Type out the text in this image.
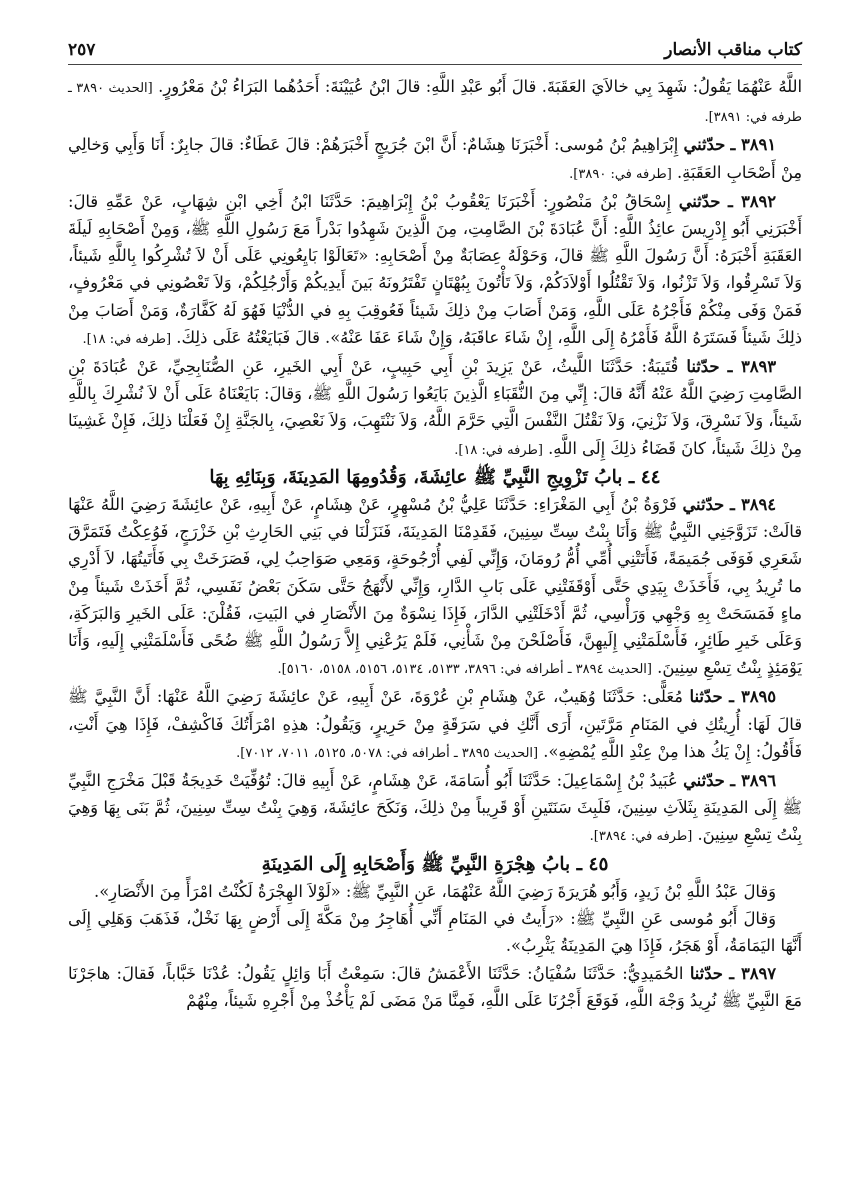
كتاب مناقب الأنصار
٢٥٧

اللَّهُ عَنْهُمَا يَقُولُ: شَهِدَ بِي خالاَيَ العَقَبَةَ. قالَ أَبُو عَبْدِ اللَّهِ: قالَ ابْنُ عُيَيْنَةَ: أَحَدُهُما البَرَاءُ بْنُ مَعْرُورٍ. [الحديث ٣٨٩٠ ـ طرفه في: ٣٨٩١].

٣٨٩١ ـ حدّثني إِبْرَاهِيمُ بْنُ مُوسى: أَخْبَرَنَا هِشَامٌ: أَنَّ ابْنَ جُرَيجٍ أَخْبَرَهُمْ: قالَ عَطَاءٌ: قالَ جابِرٌ: أَنَا وَأَبِي وَخالِي مِنْ أَصْحَابِ العَقَبَةِ. [طرفه في: ٣٨٩٠].

٣٨٩٢ ـ حدّثني إِسْحَاقُ بْنُ مَنْصُورٍ: أَخْبَرَنَا يَعْقُوبُ بْنُ إِبْرَاهِيمَ: حَدَّثَنَا ابْنُ أَخِي ابْنِ شِهَابٍ، عَنْ عَمِّهِ قالَ: أَخْبَرَنِي أَبُو إِدْرِيسَ عائِذُ اللَّهِ: أَنَّ عُبَادَةَ بْنَ الصَّامِتِ، مِنَ الَّذِينَ شَهِدُوا بَدْراً مَعَ رَسُولِ اللَّهِ ﷺ، وَمِنْ أَصْحَابِهِ لَيلَةَ العَقَبَةِ أَخْبَرَهُ: أَنَّ رَسُولَ اللَّهِ ﷺ قالَ، وَحَوْلَهُ عِصَابَةٌ مِنْ أَصْحَابِهِ: «تَعَالَوْا بَايِعُونِي عَلَى أَنْ لاَ تُشْرِكُوا بِاللَّهِ شَيئاً، وَلاَ تَسْرِقُوا، وَلاَ تَزْنُوا، وَلاَ تَقْتُلُوا أَوْلاَدَكُمْ، وَلاَ تَأْتُونَ بِبُهْتَانٍ تَفْتَرُونَهُ بَينَ أَيدِيكُمْ وَأَرْجُلِكُمْ، وَلاَ تَعْصُونِي في مَعْرُوفٍ، فَمَنْ وَفَى مِنْكُمْ فَأَجْرُهُ عَلَى اللَّهِ، وَمَنْ أَصَابَ مِنْ ذلِكَ شَيئاً فَعُوقِبَ بِهِ في الدُّنْيَا فَهُوَ لَهُ كَفَّارَةٌ، وَمَنْ أَصَابَ مِنْ ذلِكَ شَيئاً فَسَتَرَهُ اللَّهُ فَأَمْرُهُ إِلَى اللَّهِ، إِنْ شَاءَ عاقَبَهُ، وَإِنْ شَاءَ عَفَا عَنْهُ». قالَ فَبَايَعْتُهُ عَلَى ذلِكَ. [طرفه في: ١٨].

٣٨٩٣ ـ حدّثنا قُتَيبَةُ: حَدَّثَنَا اللَّيثُ، عَنْ يَزِيدَ بْنِ أَبِي حَبِيبٍ، عَنْ أَبِي الخَيرِ، عَنِ الصُّنَابِحِيِّ، عَنْ عُبَادَةَ بْنِ الصَّامِتِ رَضِيَ اللَّهُ عَنْهُ أَنَّهُ قالَ: إِنِّي مِنَ النُّقَبَاءِ الَّذِينَ بَايَعُوا رَسُولَ اللَّهِ ﷺ، وَقالَ: بَايَعْنَاهُ عَلَى أَنْ لاَ نُشْرِكَ بِاللَّهِ شَيئاً، وَلاَ نَسْرِقَ، وَلاَ نَزْنِيَ، وَلاَ نَقْتُلَ النَّفْسَ الَّتِي حَرَّمَ اللَّهُ، وَلاَ نَنْتَهِبَ، وَلاَ نَعْصِيَ، بِالجَنَّةِ إِنْ فَعَلْنَا ذلِكَ، فَإِنْ غَشِينَا مِنْ ذلِكَ شَيئاً، كانَ قَضَاءُ ذلِكَ إِلَى اللَّهِ. [طرفه في: ١٨].

٤٤ ـ بابُ تَزْوِيجِ النَّبِيِّ ﷺ عائِشَةَ، وَقُدُومِهَا المَدِينَةَ، وَبِنَائِهِ بِهَا

٣٨٩٤ ـ حدّثني فَرْوَةُ بْنُ أَبِي المَغْرَاءِ: حَدَّثَنَا عَلِيُّ بْنُ مُسْهِرٍ، عَنْ هِشَامٍ، عَنْ أَبِيهِ، عَنْ عائِشَةَ رَضِيَ اللَّهُ عَنْهَا قالَتْ: تَزَوَّجَنِي النَّبِيُّ ﷺ وَأَنَا بِنْتُ سِتِّ سِنِينَ، فَقَدِمْنَا المَدِينَةَ، فَنَزَلْنَا في بَنِي الحَارِثِ بْنِ خَزْرَجٍ، فَوُعِكْتُ فَتَمَرَّقَ شَعَرِي فَوَفَى جُمَيمَةً، فَأَتَتْنِي أُمِّي أُمُّ رُومَانَ، وَإِنِّي لَفِي أُرْجُوحَةٍ، وَمَعِي صَوَاحِبُ لِي، فَصَرَخَتْ بِي فَأَتَيتُهَا، لاَ أَدْرِي ما تُرِيدُ بِي، فَأَخَذَتْ بِيَدِي حَتَّى أَوْقَفَتْنِي عَلَى بَابِ الدَّارِ، وَإِنِّي لأَنْهَجُ حَتَّى سَكَنَ بَعْضُ نَفَسِي، ثُمَّ أَخَذَتْ شَيئاً مِنْ ماءٍ فَمَسَحَتْ بِهِ وَجْهِي وَرَأْسِي، ثُمَّ أَدْخَلَتْنِي الدَّارَ، فَإِذَا نِسْوَةٌ مِنَ الأَنْصَارِ في البَيتِ، فَقُلْنَ: عَلَى الخَيرِ وَالبَرَكَةِ، وَعَلَى خَيرِ طَائِرٍ، فَأَسْلَمَتْنِي إِلَيهِنَّ، فَأَصْلَحْنَ مِنْ شَأْنِي، فَلَمْ يَرُعْنِي إِلاَّ رَسُولُ اللَّهِ ﷺ ضُحًى فَأَسْلَمَتْنِي إِلَيهِ، وَأَنَا يَوْمَئِذٍ بِنْتُ تِسْعِ سِنِينَ. [الحديث ٣٨٩٤ ـ أطرافه في: ٣٨٩٦، ٥١٣٣، ٥١٣٤، ٥١٥٦، ٥١٥٨، ٥١٦٠].

٣٨٩٥ ـ حدّثنا مُعَلًّى: حَدَّثَنَا وُهَيبٌ، عَنْ هِشَامِ بْنِ عُرْوَةَ، عَنْ أَبِيهِ، عَنْ عائِشَةَ رَضِيَ اللَّهُ عَنْهَا: أَنَّ النَّبِيَّ ﷺ قالَ لَهَا: أُرِيتُكِ في المَنَامِ مَرَّتَينِ، أَرَى أَنَّكِ في سَرَقَةٍ مِنْ حَرِيرٍ، وَيَقُولُ: هذِهِ امْرَأَتُكَ فَاكْشِفْ، فَإِذَا هِيَ أَنْتِ، فَأَقُولُ: إِنْ يَكُ هذا مِنْ عِنْدِ اللَّهِ يُمْضِهِ». [الحديث ٣٨٩٥ ـ أطرافه في: ٥٠٧٨، ٥١٢٥، ٧٠١١، ٧٠١٢].

٣٨٩٦ ـ حدّثني عُبَيدُ بْنُ إِسْمَاعِيلَ: حَدَّثَنَا أَبُو أُسَامَةَ، عَنْ هِشَامٍ، عَنْ أَبِيهِ قالَ: تُوُفِّيَتْ خَدِيجَةُ قَبْلَ مَخْرَجِ النَّبِيِّ ﷺ إِلَى المَدِينَةِ بِثَلاَثِ سِنِينَ، فَلَبِثَ سَنَتَينِ أَوْ قَرِيباً مِنْ ذلِكَ، وَنَكَحَ عائِشَةَ، وَهِيَ بِنْتُ سِتِّ سِنِينَ، ثُمَّ بَنَى بِهَا وَهِيَ بِنْتُ تِسْعِ سِنِينَ. [طرفه في: ٣٨٩٤].

٤٥ ـ بابُ هِجْرَةِ النَّبِيِّ ﷺ وَأَصْحَابِهِ إِلَى المَدِينَةِ

وَقالَ عَبْدُ اللَّهِ بْنُ زَيدٍ، وَأَبُو هُرَيرَةَ رَضِيَ اللَّهُ عَنْهُمَا، عَنِ النَّبِيِّ ﷺ: «لَوْلاَ الهِجْرَةُ لَكُنْتُ امْرَأً مِنَ الأَنْصَارِ».

وَقالَ أَبُو مُوسى عَنِ النَّبِيِّ ﷺ: «رَأَيتُ في المَنَامِ أَنِّي أُهَاجِرُ مِنْ مَكَّةَ إِلَى أَرْضٍ بِهَا نَخْلٌ، فَذَهَبَ وَهَلِي إِلَى أَنَّهَا اليَمَامَةُ، أَوْ هَجَرُ، فَإِذَا هِيَ المَدِينَةُ يَثْرِبُ».

٣٨٩٧ ـ حدّثنا الحُمَيدِيُّ: حَدَّثَنَا سُفْيَانُ: حَدَّثَنَا الأَعْمَشُ قالَ: سَمِعْتُ أَبَا وَائِلٍ يَقُولُ: عُدْنَا خَبَّاباً، فَقالَ: هاجَرْنَا مَعَ النَّبِيِّ ﷺ نُرِيدُ وَجْهَ اللَّهِ، فَوَقَعَ أَجْرُنَا عَلَى اللَّهِ، فَمِنَّا مَنْ مَضَى لَمْ يَأْخُذْ مِنْ أَجْرِهِ شَيئاً، مِنْهُمْ
